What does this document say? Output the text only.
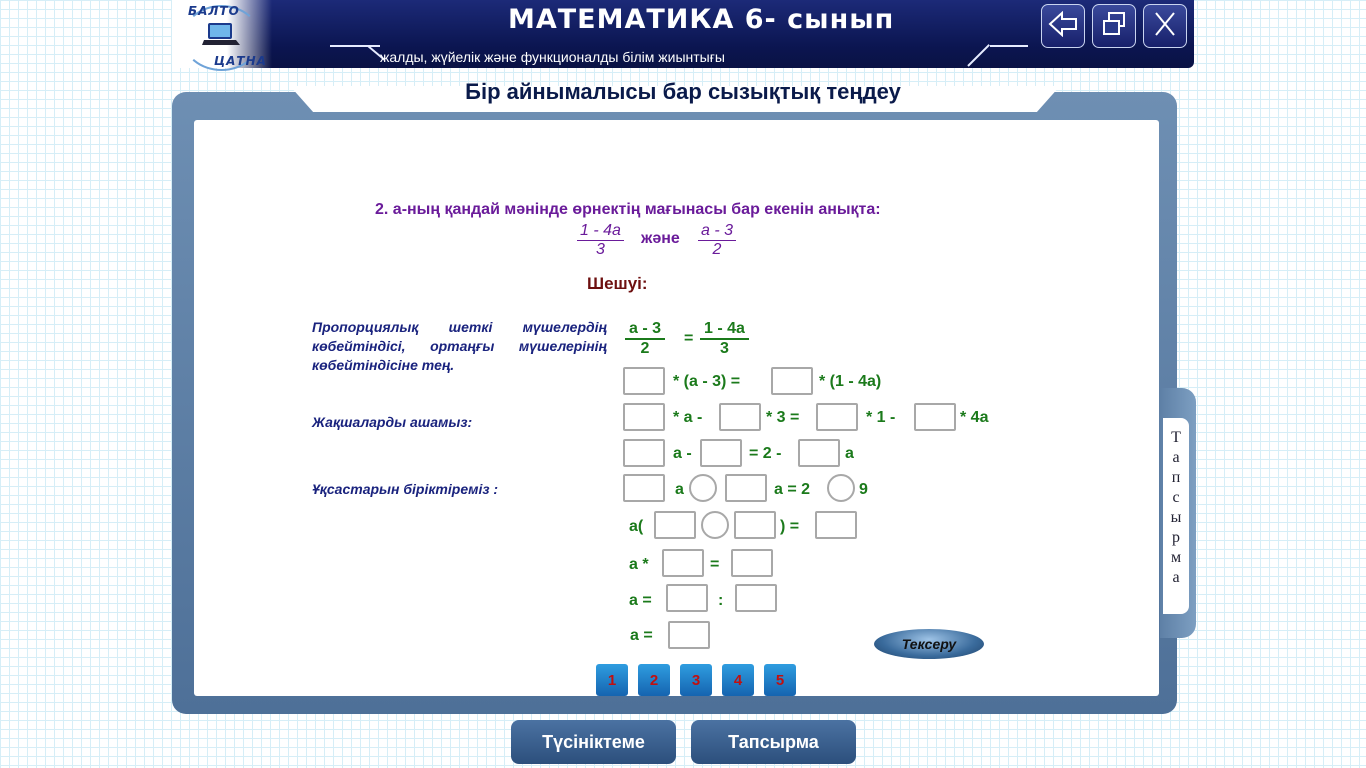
БАЛТО
ЦАТНА
МАТЕМАТИКА 6- сынып
жалды, жүйелік және функционалды білім жиынтығы
Бір айнымалысы бар сызықтық теңдеу
Т
а
п
с
ы
р
м
а
2. а-ның қандай мәнінде өрнектің мағынасы бар екенін анықта:
$\frac{1 - 4a}{3}$ және $\frac{a - 3}{2}$
Шешуі:
Пропорциялық шеткі мүшелердің көбейтіндісі, ортаңғы мүшелерінің көбейтіндісіне тең.
Жақшаларды ашамыз:
Ұқсастарын біріктіреміз :
$\frac{a - 3}{2} = \frac{1 - 4a}{3}$
* (a - 3) =	* (1 - 4a)
* a -	* 3 =	* 1 -	* 4a
a -	= 2 -	a
a	a = 2	9
a(	) =
a *	=
a =	:
a =	Тексеру
1	2	3	4	5
Түсініктеме	Тапсырма
